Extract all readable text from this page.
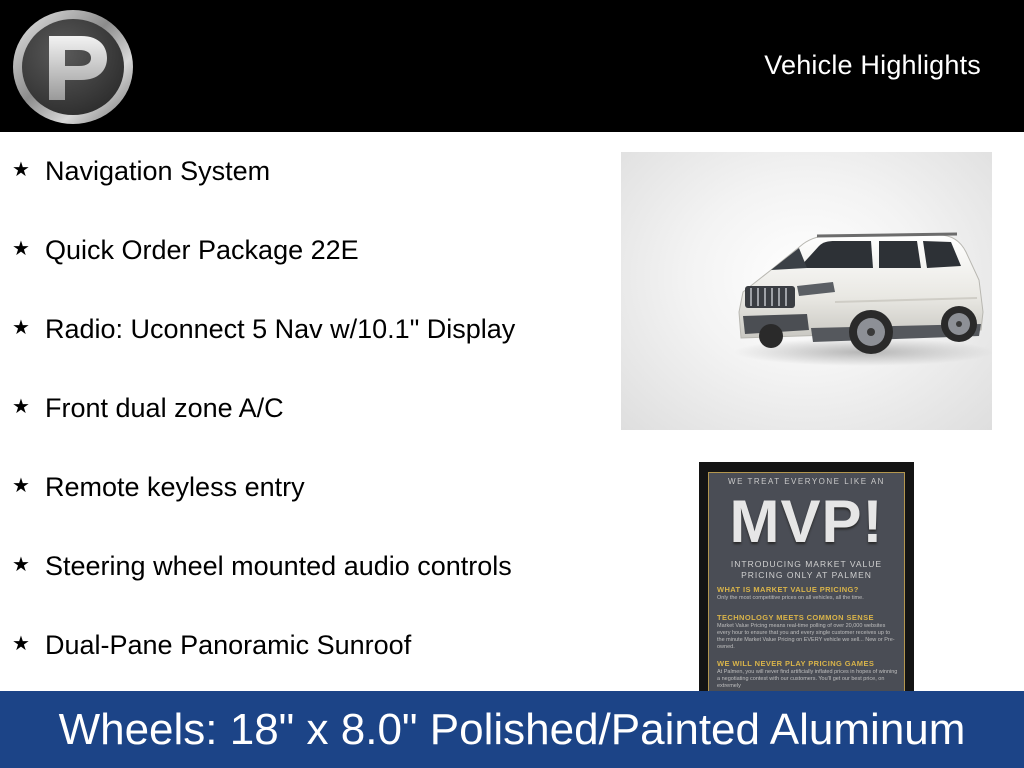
Vehicle Highlights
★ Navigation System
★ Quick Order Package 22E
★ Radio: Uconnect 5 Nav w/10.1" Display
★ Front dual zone A/C
★ Remote keyless entry
★ Steering wheel mounted audio controls
★ Dual-Pane Panoramic Sunroof
WE TREAT EVERYONE LIKE AN
MVP!
INTRODUCING MARKET VALUE PRICING ONLY AT PALMEN
WHAT IS MARKET VALUE PRICING?
Only the most competitive prices on all vehicles, all the time.
TECHNOLOGY MEETS COMMON SENSE
Market Value Pricing means real-time polling of over 20,000 websites every hour to ensure that you and every single customer receives up to the minute Market Value Pricing on EVERY vehicle we sell... New or Pre-owned.
WE WILL NEVER PLAY PRICING GAMES
At Palmen, you will never find artificially inflated prices in hopes of winning a negotiating contest with our customers. You'll get our best price, on extremely
Wheels: 18" x 8.0" Polished/Painted Aluminum
